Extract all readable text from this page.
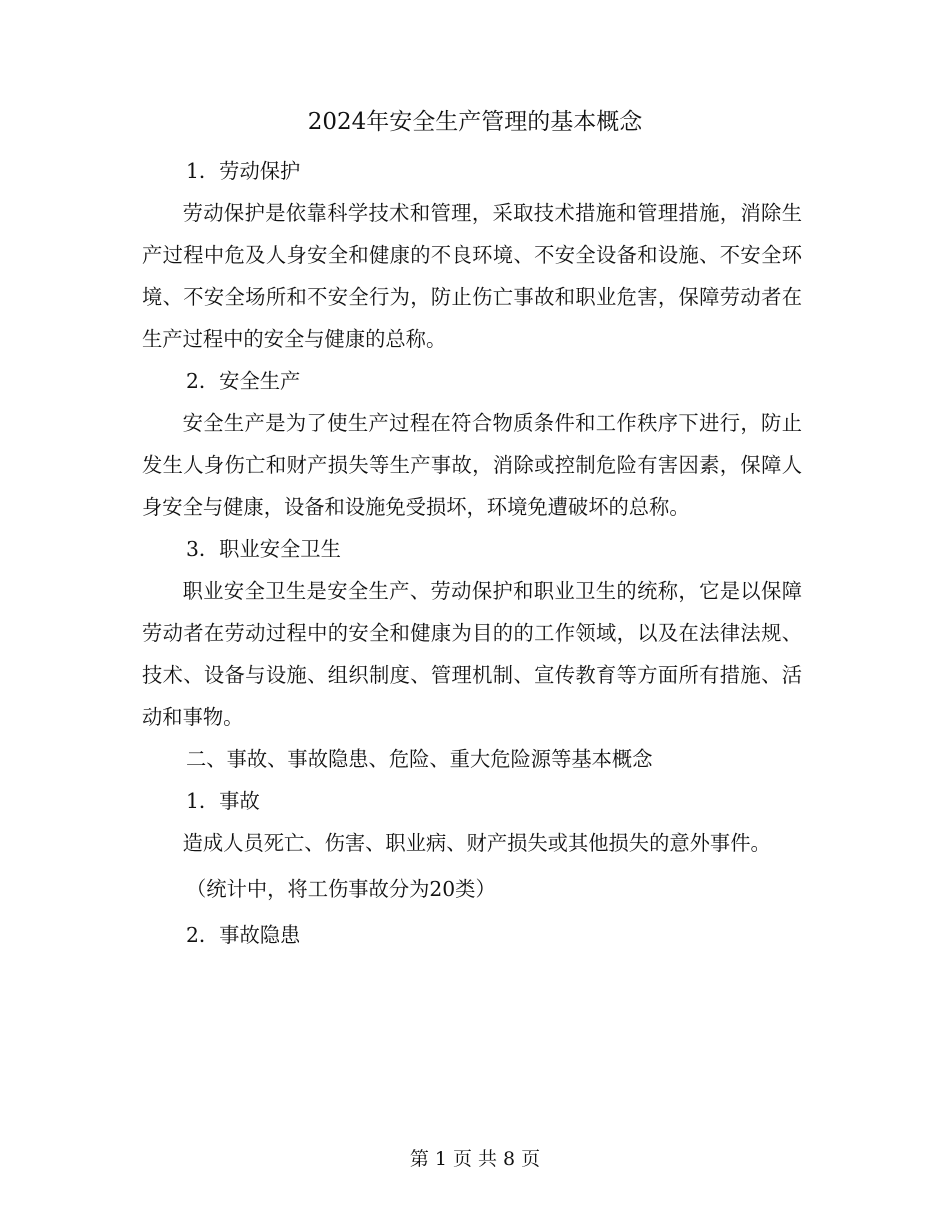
2024年安全生产管理的基本概念

1．劳动保护

劳动保护是依靠科学技术和管理，采取技术措施和管理措施，消除生产过程中危及人身安全和健康的不良环境、不安全设备和设施、不安全环境、不安全场所和不安全行为，防止伤亡事故和职业危害，保障劳动者在生产过程中的安全与健康的总称。

2．安全生产

安全生产是为了使生产过程在符合物质条件和工作秩序下进行，防止发生人身伤亡和财产损失等生产事故，消除或控制危险有害因素，保障人身安全与健康，设备和设施免受损坏，环境免遭破坏的总称。

3．职业安全卫生

职业安全卫生是安全生产、劳动保护和职业卫生的统称，它是以保障劳动者在劳动过程中的安全和健康为目的的工作领域，以及在法律法规、技术、设备与设施、组织制度、管理机制、宣传教育等方面所有措施、活动和事物。

二、事故、事故隐患、危险、重大危险源等基本概念

1．事故

造成人员死亡、伤害、职业病、财产损失或其他损失的意外事件。

（统计中，将工伤事故分为20类）

2．事故隐患

第 1 页 共 8 页
